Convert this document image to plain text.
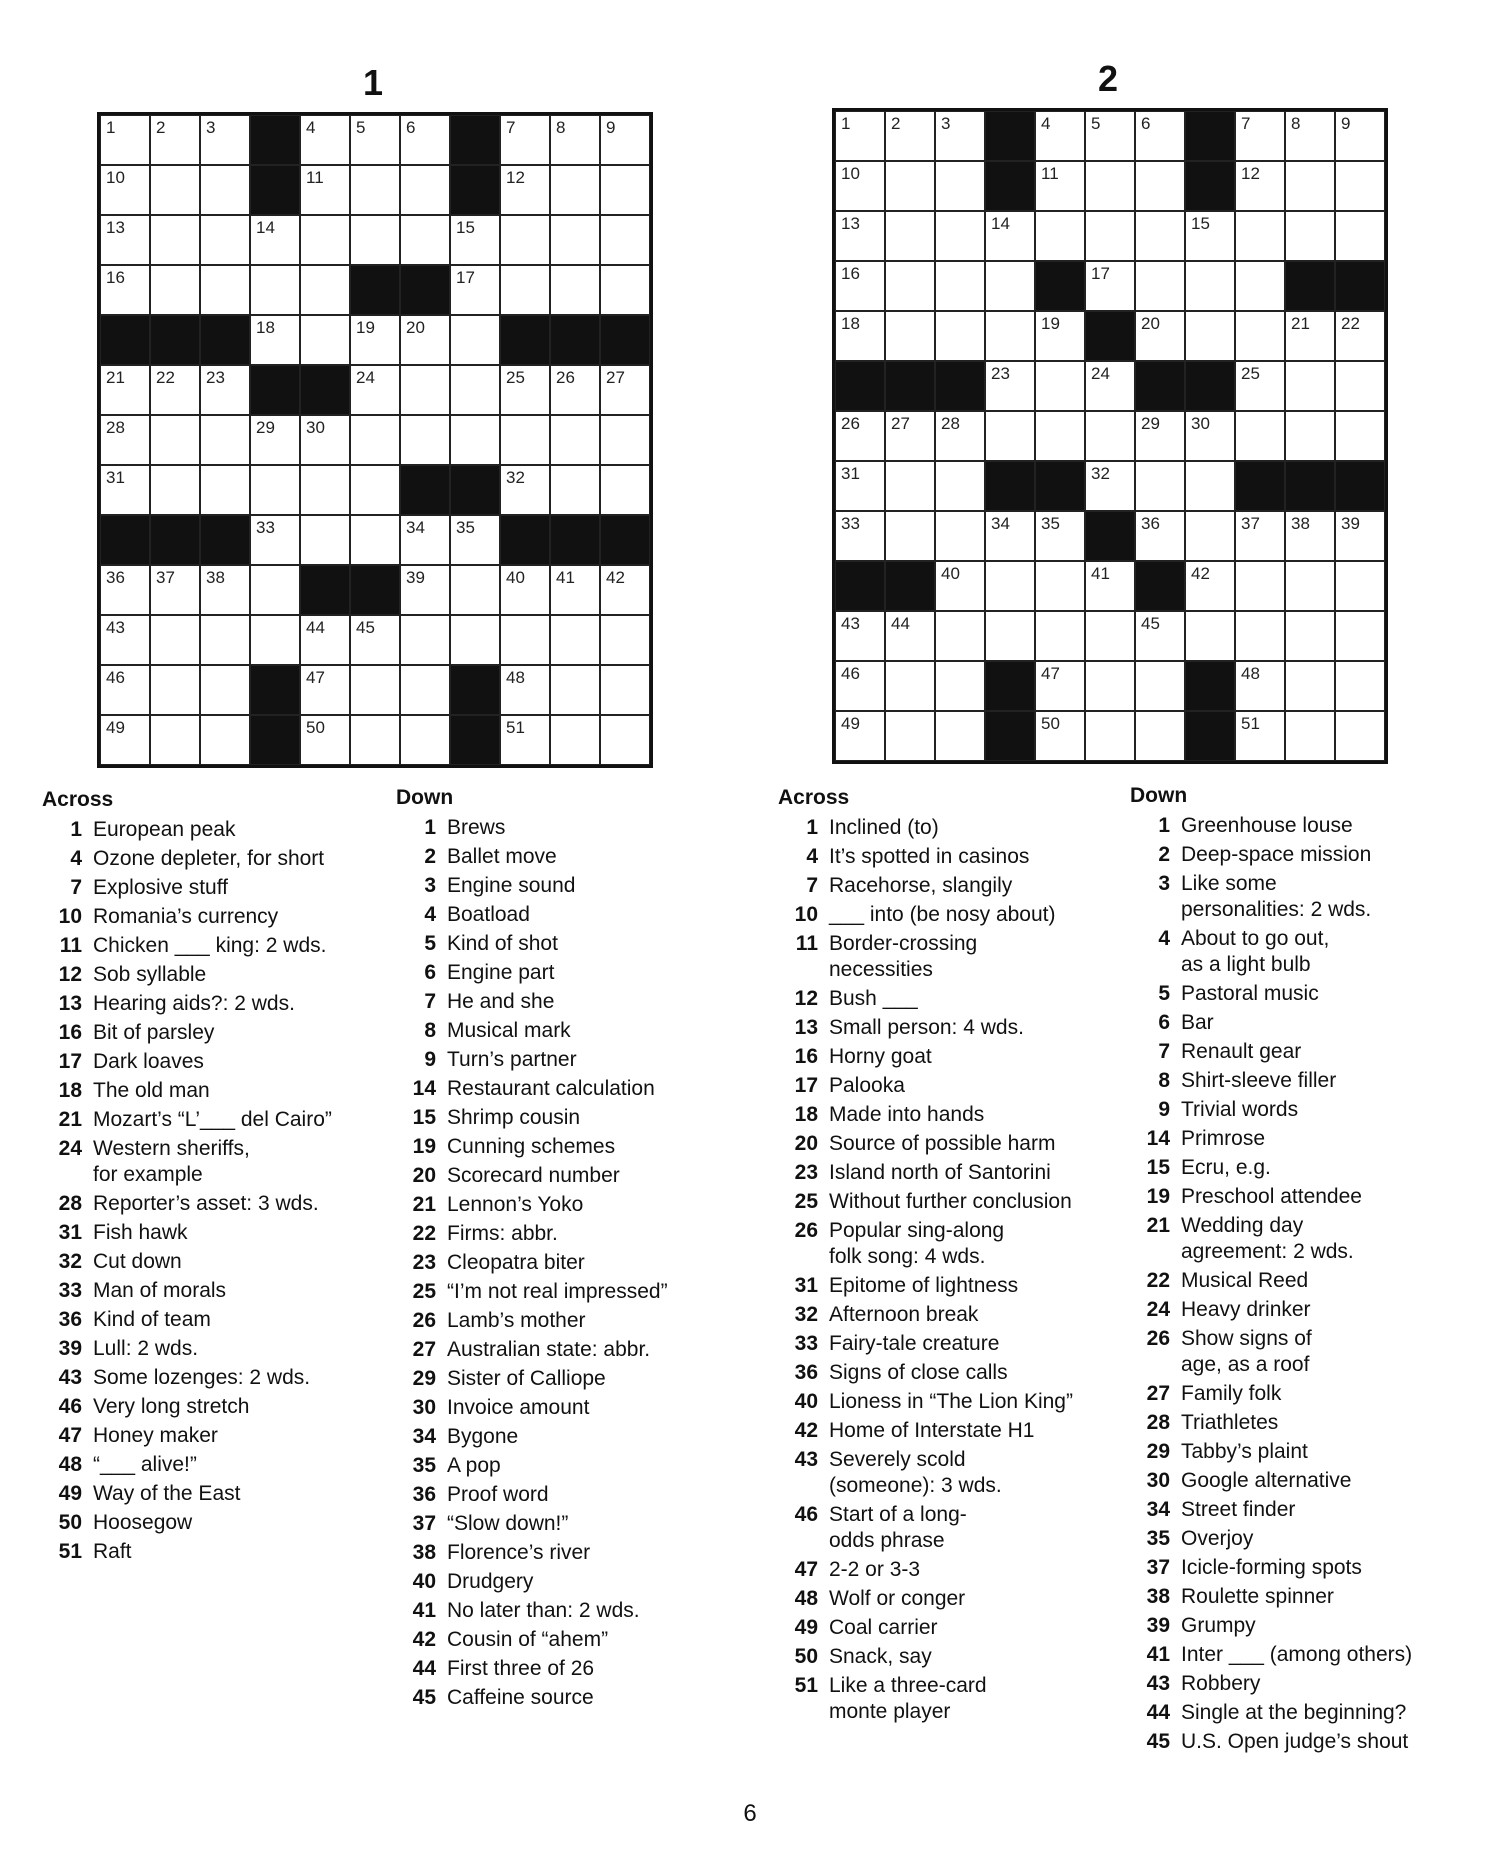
1
1 2 3	4 5 6	7 8 9
10	11	12
13	14	15
16	17
18	19 20
21 22 23	24	25 26 27
28	29 30
31	32
33	34 35
36 37 38	39	40 41 42
43	44 45
46	47	48
49	50	51
2
1 2 3	4 5 6	7 8 9
10	11	12
13	14	15
16	17
18	19	20	21 22
23	24	25
26 27 28	29 30
31	32
33	34 35	36	37 38 39
40	41	42
43 44	45
46	47	48
49	50	51
Across
1 European peak
4 Ozone depleter, for short
7 Explosive stuff
10 Romania’s currency
11 Chicken ___ king: 2 wds.
12 Sob syllable
13 Hearing aids?: 2 wds.
16 Bit of parsley
17 Dark loaves
18 The old man
21 Mozart’s “L’___ del Cairo”
24 Western sheriffs,
for example
28 Reporter’s asset: 3 wds.
31 Fish hawk
32 Cut down
33 Man of morals
36 Kind of team
39 Lull: 2 wds.
43 Some lozenges: 2 wds.
46 Very long stretch
47 Honey maker
48 “___ alive!”
49 Way of the East
50 Hoosegow
51 Raft
Down
1 Brews
2 Ballet move
3 Engine sound
4 Boatload
5 Kind of shot
6 Engine part
7 He and she
8 Musical mark
9 Turn’s partner
14 Restaurant calculation
15 Shrimp cousin
19 Cunning schemes
20 Scorecard number
21 Lennon’s Yoko
22 Firms: abbr.
23 Cleopatra biter
25 “I’m not real impressed”
26 Lamb’s mother
27 Australian state: abbr.
29 Sister of Calliope
30 Invoice amount
34 Bygone
35 A pop
36 Proof word
37 “Slow down!”
38 Florence’s river
40 Drudgery
41 No later than: 2 wds.
42 Cousin of “ahem”
44 First three of 26
45 Caffeine source
Across
1 Inclined (to)
4 It’s spotted in casinos
7 Racehorse, slangily
10 ___ into (be nosy about)
11 Border-crossing
necessities
12 Bush ___
13 Small person: 4 wds.
16 Horny goat
17 Palooka
18 Made into hands
20 Source of possible harm
23 Island north of Santorini
25 Without further conclusion
26 Popular sing-along
folk song: 4 wds.
31 Epitome of lightness
32 Afternoon break
33 Fairy-tale creature
36 Signs of close calls
40 Lioness in “The Lion King”
42 Home of Interstate H1
43 Severely scold
(someone): 3 wds.
46 Start of a long-
odds phrase
47 2-2 or 3-3
48 Wolf or conger
49 Coal carrier
50 Snack, say
51 Like a three-card
monte player
Down
1 Greenhouse louse
2 Deep-space mission
3 Like some
personalities: 2 wds.
4 About to go out,
as a light bulb
5 Pastoral music
6 Bar
7 Renault gear
8 Shirt-sleeve filler
9 Trivial words
14 Primrose
15 Ecru, e.g.
19 Preschool attendee
21 Wedding day
agreement: 2 wds.
22 Musical Reed
24 Heavy drinker
26 Show signs of
age, as a roof
27 Family folk
28 Triathletes
29 Tabby’s plaint
30 Google alternative
34 Street finder
35 Overjoy
37 Icicle-forming spots
38 Roulette spinner
39 Grumpy
41 Inter ___ (among others)
43 Robbery
44 Single at the beginning?
45 U.S. Open judge’s shout
6
